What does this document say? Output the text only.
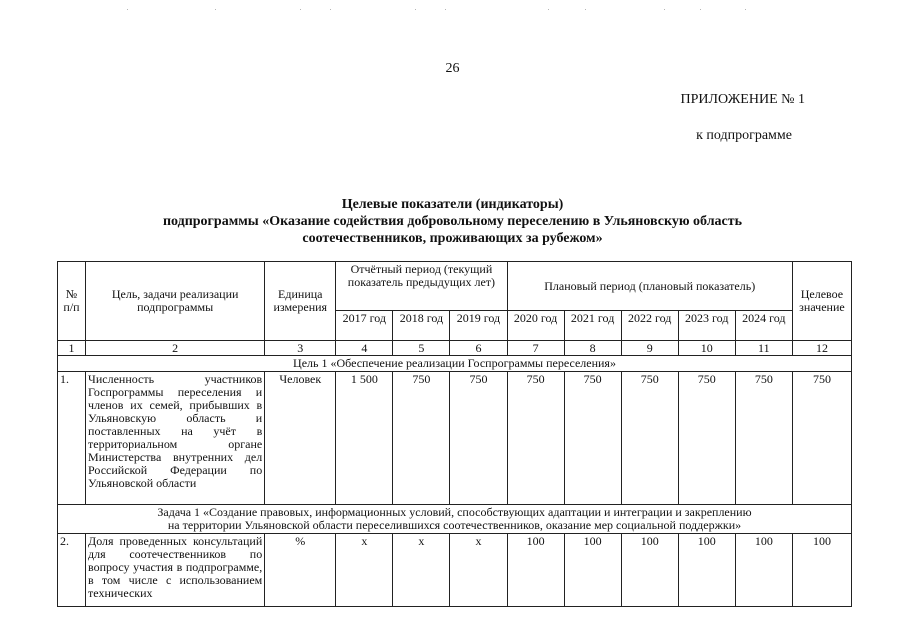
26
ПРИЛОЖЕНИЕ № 1
к подпрограмме
Целевые показатели (индикаторы)
подпрограммы «Оказание содействия добровольному переселению в Ульяновскую область
соотечественников, проживающих за рубежом»
№ п/п	Цель, задачи реализации подпрограммы	Единица измерения	Отчётный период (текущий показатель предыдущих лет)			Плановый период (плановый показатель)					Целевое значение
			2017 год	2018 год	2019 год	2020 год	2021 год	2022 год	2023 год	2024 год	
1	2	3	4	5	6	7	8	9	10	11	12
Цель 1 «Обеспечение реализации Госпрограммы переселения»											
1.	Численность участников Госпрограммы переселения и членов их семей, прибывших в Ульяновскую область и поставленных на учёт в территориальном органе Министерства внутренних дел Российской Федерации по Ульяновской области	Человек	1 500	750	750	750	750	750	750	750	750

Задача 1 «Создание правовых, информационных условий, способствующих адаптации и интеграции и закреплению
на территории Ульяновской области переселившихся соотечественников, оказание мер социальной поддержки»											

2.	Доля проведенных консультаций для соотечественников по вопросу участия в подпрограмме, в том числе с использованием технических	%	х	х	х	100	100	100	100	100	100
